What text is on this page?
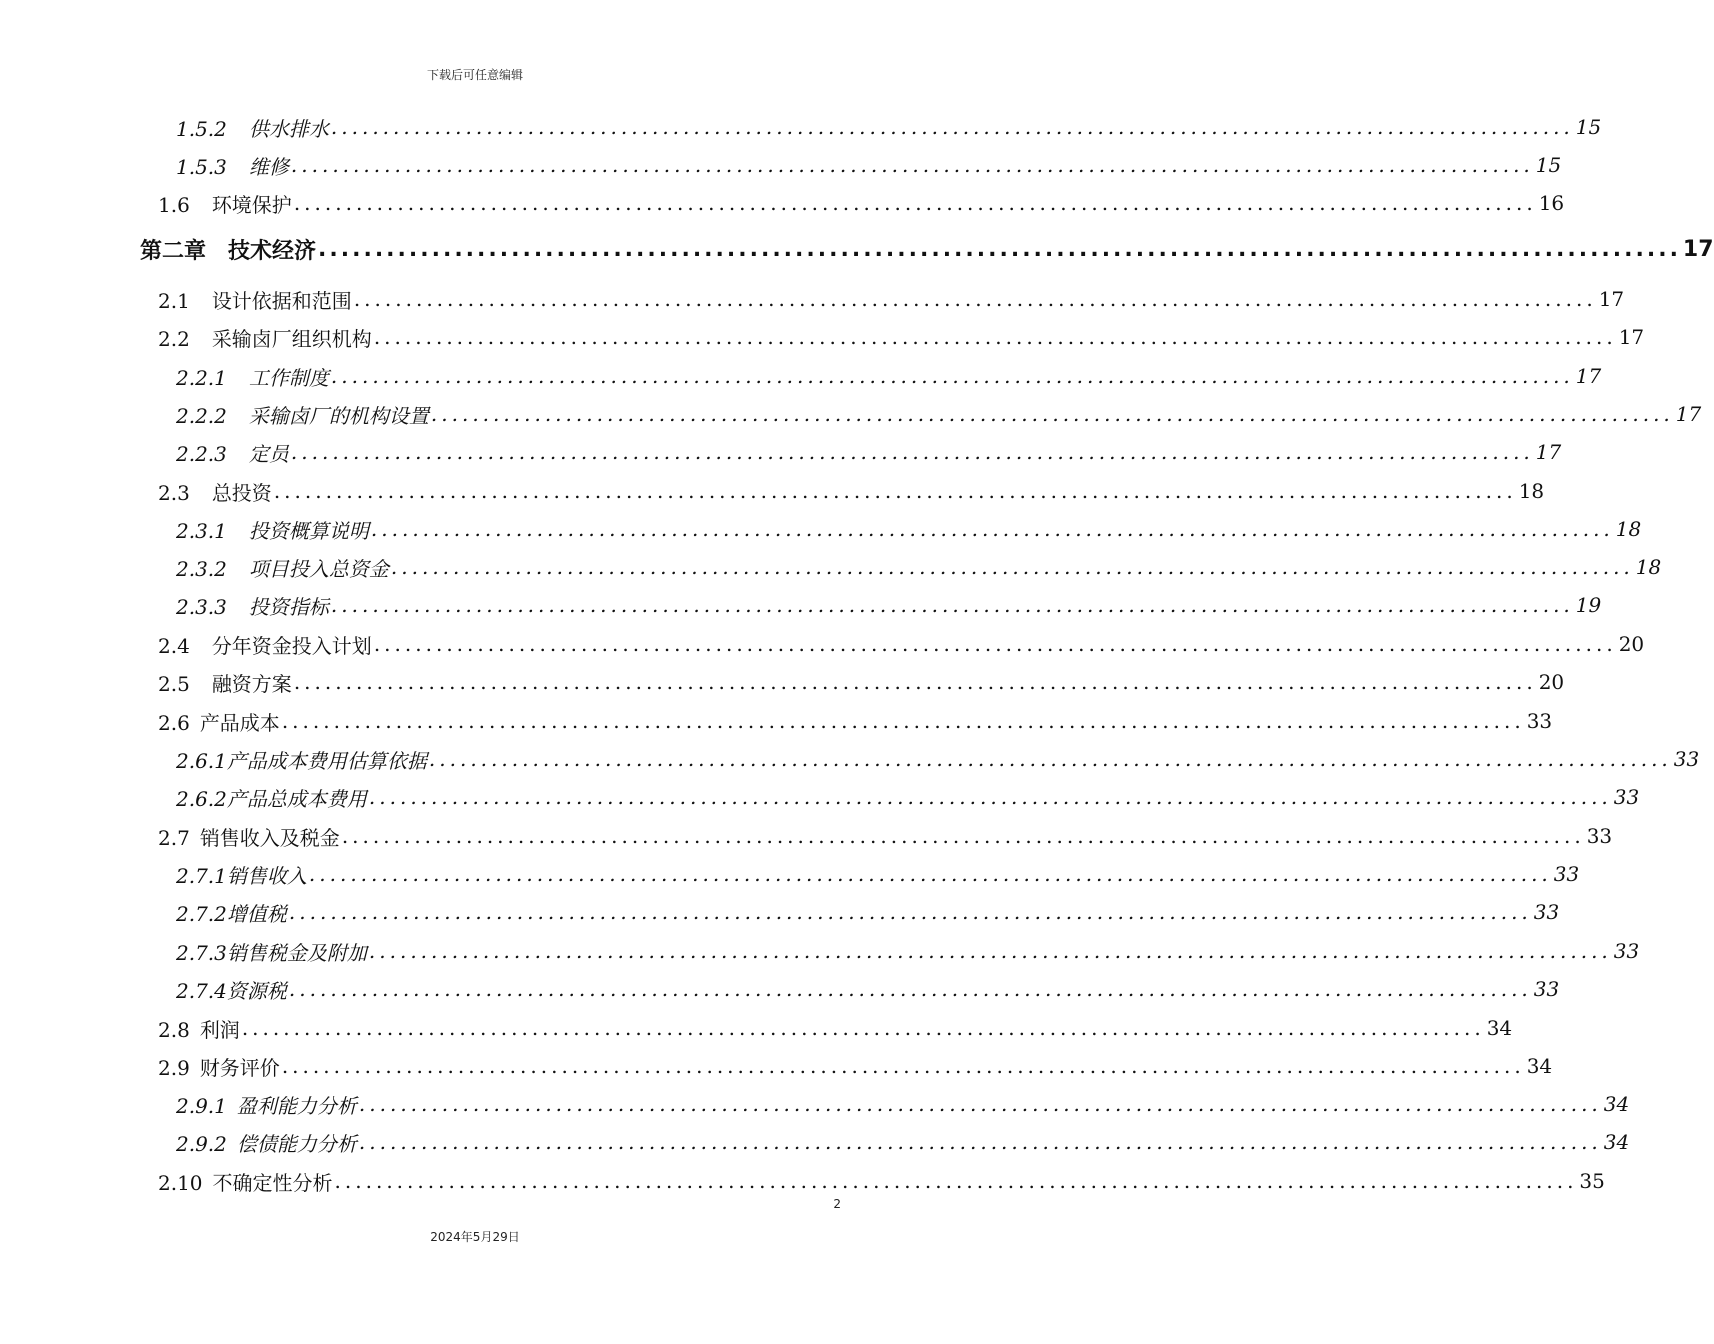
下载后可任意编辑
1.5.2 供水排水 ........................................................................................................................ 15
1.5.3 维修 ........................................................................................................................ 15
1.6 环境保护 ........................................................................................................................ 16
第二章 技术经济 ........................................................................................................................ 17
2.1 设计依据和范围 ........................................................................................................................ 17
2.2 采输卤厂组织机构 ........................................................................................................................ 17
2.2.1 工作制度 ........................................................................................................................ 17
2.2.2 采输卤厂的机构设置 ........................................................................................................................ 17
2.2.3 定员 ........................................................................................................................ 17
2.3 总投资 ........................................................................................................................ 18
2.3.1 投资概算说明 ........................................................................................................................ 18
2.3.2 项目投入总资金 ........................................................................................................................ 18
2.3.3 投资指标 ........................................................................................................................ 19
2.4 分年资金投入计划 ........................................................................................................................ 20
2.5 融资方案 ........................................................................................................................ 20
2.6 产品成本 ........................................................................................................................ 33
2.6.1产品成本费用估算依据 ........................................................................................................................ 33
2.6.2产品总成本费用 ........................................................................................................................ 33
2.7 销售收入及税金 ........................................................................................................................ 33
2.7.1销售收入 ........................................................................................................................ 33
2.7.2增值税 ........................................................................................................................ 33
2.7.3销售税金及附加 ........................................................................................................................ 33
2.7.4资源税 ........................................................................................................................ 33
2.8 利润 ........................................................................................................................ 34
2.9 财务评价 ........................................................................................................................ 34
2.9.1 盈利能力分析 ........................................................................................................................ 34
2.9.2 偿债能力分析 ........................................................................................................................ 34
2.10 不确定性分析 ........................................................................................................................ 35
2
2024年5月29日
